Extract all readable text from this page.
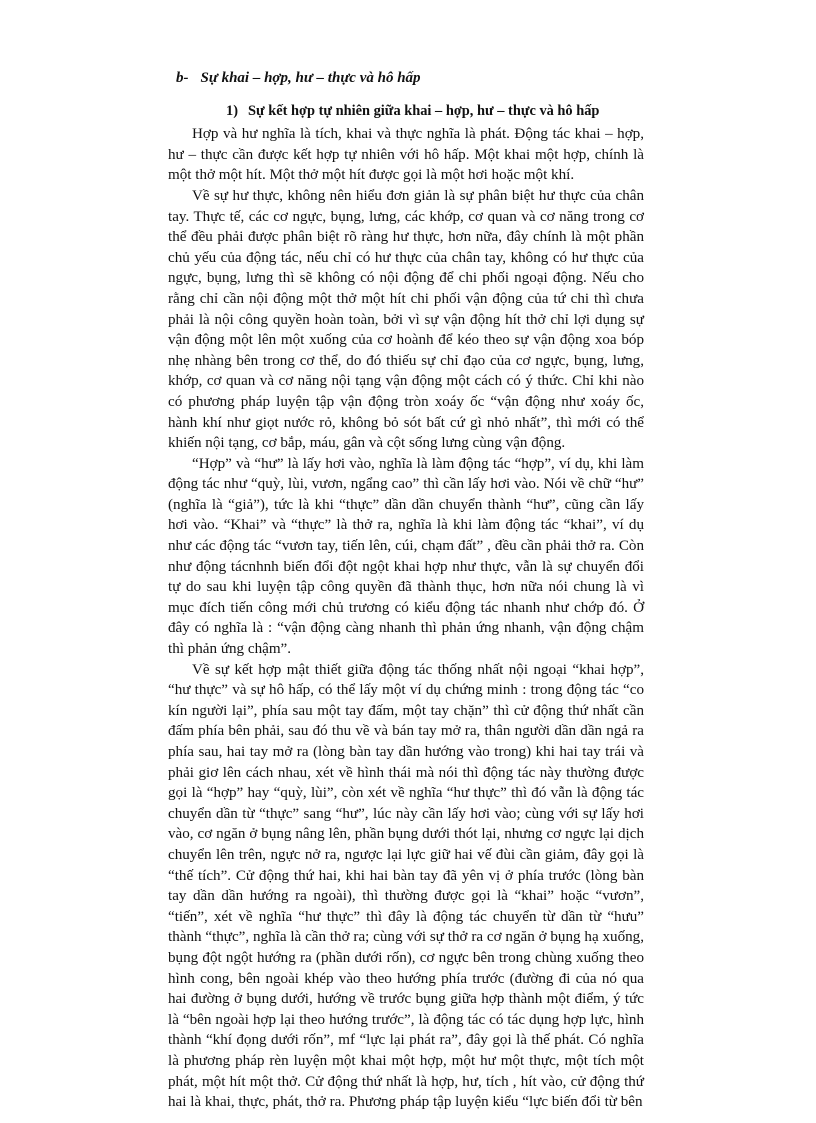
b- Sự khai – hợp, hư – thực và hô hấp
1) Sự kết hợp tự nhiên giữa khai – hợp, hư – thực và hô hấp

Hợp và hư nghĩa là tích, khai và thực nghĩa là phát. Động tác khai – hợp, hư – thực cần được kết hợp tự nhiên với hô hấp. Một khai một hợp, chính là một thở một hít. Một thở một hít được gọi là một hơi hoặc một khí.

Về sự hư thực, không nên hiểu đơn giản là sự phân biệt hư thực của chân tay. Thực tế, các cơ ngực, bụng, lưng, các khớp, cơ quan và cơ năng trong cơ thể đều phải được phân biệt rõ ràng hư thực, hơn nữa, đây chính là một phần chủ yếu của động tác, nếu chỉ có hư thực của chân tay, không có hư thực của ngực, bụng, lưng thì sẽ không có nội động để chi phối ngoại động. Nếu cho rằng chỉ cần nội động một thở một hít chi phối vận động của tứ chi thì chưa phải là nội công quyền hoàn toàn, bởi vì sự vận động hít thở chỉ lợi dụng sự vận động một lên một xuống của cơ hoành để kéo theo sự vận động xoa bóp nhẹ nhàng bên trong cơ thể, do đó thiếu sự chỉ đạo của cơ ngực, bụng, lưng, khớp, cơ quan và cơ năng nội tạng vận động một cách có ý thức. Chỉ khi nào có phương pháp luyện tập vận động tròn xoáy ốc “vận động như xoáy ốc, hành khí như giọt nước rỏ, không bỏ sót bất cứ gì nhỏ nhất”, thì mới có thể khiến nội tạng, cơ bắp, máu, gân và cột sống lưng cùng vận động.

“Hợp” và “hư” là lấy hơi vào, nghĩa là làm động tác “hợp”, ví dụ, khi làm động tác như “quỳ, lùi, vươn, ngẩng cao” thì cần lấy hơi vào. Nói về chữ “hư” (nghĩa là “giả”), tức là khi “thực” dần dần chuyển thành “hư”, cũng cần lấy hơi vào. “Khai” và “thực” là thở ra, nghĩa là khi làm động tác “khai”, ví dụ như các động tác “vươn tay, tiến lên, cúi, chạm đất” , đều cần phải thở ra. Còn như động tácnhnh biến đổi đột ngột khai hợp như thực, vẫn là sự chuyển đổi tự do sau khi luyện tập công quyền đã thành thục, hơn nữa nói chung là vì mục đích tiến công mới chủ trương có kiểu động tác nhanh như chớp đó. Ở đây có nghĩa là : “vận động càng nhanh thì phản ứng nhanh, vận động chậm thì phản ứng chậm”.

Về sự kết hợp mật thiết giữa động tác thống nhất nội ngoại “khai hợp”, “hư thực” và sự hô hấp, có thể lấy một ví dụ chứng minh : trong động tác “co kín người lại”, phía sau một tay đấm, một tay chặn” thì cử động thứ nhất cần đấm phía bên phải, sau đó thu về và bán tay mở ra, thân người dần dần ngả ra phía sau, hai tay mở ra (lòng bàn tay dần hướng vào trong) khi hai tay trái và phải giơ lên cách nhau, xét về hình thái mà nói thì động tác này thường được gọi là “hợp” hay “quỳ, lùi”, còn xét về nghĩa “hư thực” thì đó vẫn là động tác chuyển dần từ “thực” sang “hư”, lúc này cần lấy hơi vào; cùng với sự lấy hơi vào, cơ ngăn ở bụng nâng lên, phần bụng dưới thót lại, nhưng cơ ngực lại dịch chuyển lên trên, ngực nở ra, ngược lại lực giữ hai vế đùi cần giảm, đây gọi là “thế tích”. Cử động thứ hai, khi hai bàn tay đã yên vị ở phía trước (lòng bàn tay dần dần hướng ra ngoài), thì thường được gọi là “khai” hoặc “vươn”, “tiến”, xét về nghĩa “hư thực” thì đây là động tác chuyển từ dần từ “hưu” thành “thực”, nghĩa là cần thở ra; cùng với sự thở ra cơ ngăn ở bụng hạ xuống, bụng đột ngột hướng ra (phần dưới rốn), cơ ngực bên trong chùng xuống theo hình cong, bên ngoài khép vào theo hướng phía trước (đường đi của nó qua hai đường ở bụng dưới, hướng về trước bụng giữa hợp thành một điểm, ý tức là “bên ngoài hợp lại theo hướng trước”, là động tác có tác dụng hợp lực, hình thành “khí đọng dưới rốn”, mf “lực lại phát ra”, đây gọi là thế phát. Có nghĩa là phương pháp rèn luyện một khai một hợp, một hư một thực, một tích một phát, một hít một thở. Cử động thứ nhất là hợp, hư, tích , hít vào, cử động thứ hai là khai, thực, phát, thở ra. Phương pháp tập luyện kiểu “lực biến đổi từ bên
